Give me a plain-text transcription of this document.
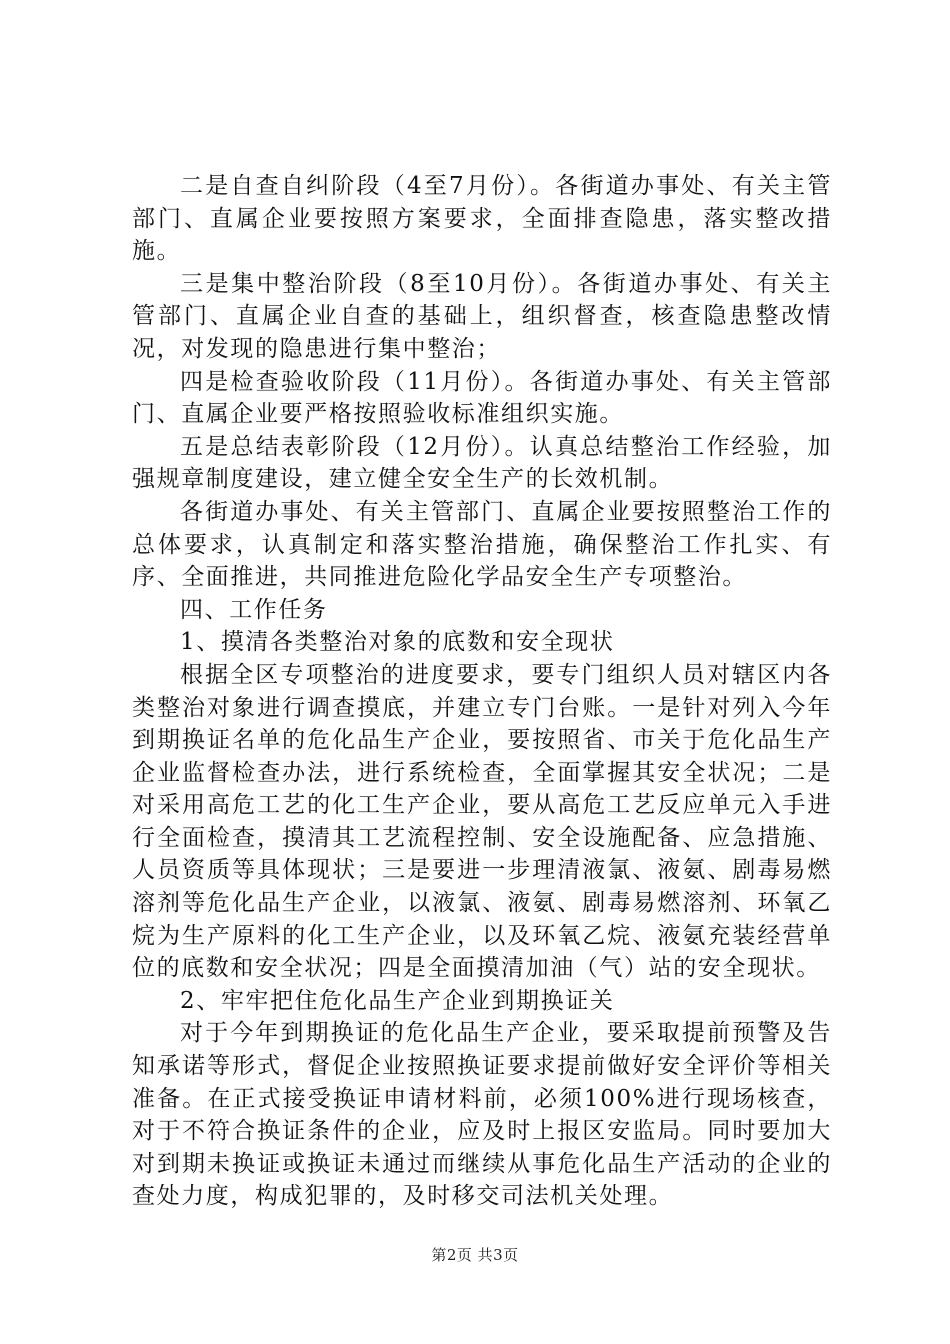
二是自查自纠阶段（4至7月份）。各街道办事处、有关主管部门、直属企业要按照方案要求，全面排查隐患，落实整改措施。

三是集中整治阶段（8至10月份）。各街道办事处、有关主管部门、直属企业自查的基础上，组织督查，核查隐患整改情况，对发现的隐患进行集中整治；

四是检查验收阶段（11月份）。各街道办事处、有关主管部门、直属企业要严格按照验收标准组织实施。

五是总结表彰阶段（12月份）。认真总结整治工作经验，加强规章制度建设，建立健全安全生产的长效机制。

各街道办事处、有关主管部门、直属企业要按照整治工作的总体要求，认真制定和落实整治措施，确保整治工作扎实、有序、全面推进，共同推进危险化学品安全生产专项整治。

四、工作任务

1、摸清各类整治对象的底数和安全现状

根据全区专项整治的进度要求，要专门组织人员对辖区内各类整治对象进行调查摸底，并建立专门台账。一是针对列入今年到期换证名单的危化品生产企业，要按照省、市关于危化品生产企业监督检查办法，进行系统检查，全面掌握其安全状况；二是对采用高危工艺的化工生产企业，要从高危工艺反应单元入手进行全面检查，摸清其工艺流程控制、安全设施配备、应急措施、人员资质等具体现状；三是要进一步理清液氯、液氨、剧毒易燃溶剂等危化品生产企业，以液氯、液氨、剧毒易燃溶剂、环氧乙烷为生产原料的化工生产企业，以及环氧乙烷、液氨充装经营单位的底数和安全状况；四是全面摸清加油（气）站的安全现状。

2、牢牢把住危化品生产企业到期换证关

对于今年到期换证的危化品生产企业，要采取提前预警及告知承诺等形式，督促企业按照换证要求提前做好安全评价等相关准备。在正式接受换证申请材料前，必须100%进行现场核查，对于不符合换证条件的企业，应及时上报区安监局。同时要加大对到期未换证或换证未通过而继续从事危化品生产活动的企业的查处力度，构成犯罪的，及时移交司法机关处理。

第2页 共3页
